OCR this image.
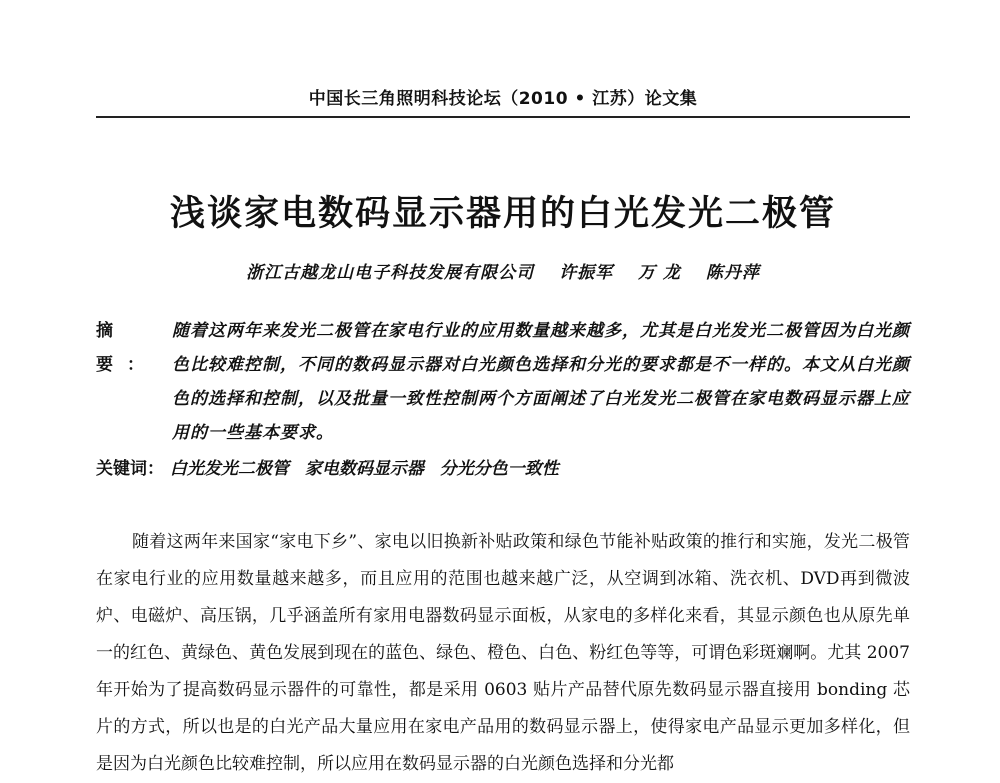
中国长三角照明科技论坛（2010 • 江苏）论文集
浅谈家电数码显示器用的白光发光二极管
浙江古越龙山电子科技发展有限公司 许振军 万 龙 陈丹萍
摘 要：
随着这两年来发光二极管在家电行业的应用数量越来越多，尤其是白光发光二极管因为白光颜色比较难控制，不同的数码显示器对白光颜色选择和分光的要求都是不一样的。本文从白光颜色的选择和控制，以及批量一致性控制两个方面阐述了白光发光二极管在家电数码显示器上应用的一些基本要求。
关键词： 白光发光二极管 家电数码显示器 分光分色一致性
随着这两年来国家“家电下乡”、家电以旧换新补贴政策和绿色节能补贴政策的推行和实施，发光二极管在家电行业的应用数量越来越多，而且应用的范围也越来越广泛，从空调到冰箱、洗衣机、DVD再到微波炉、电磁炉、高压锅，几乎涵盖所有家用电器数码显示面板，从家电的多样化来看，其显示颜色也从原先单一的红色、黄绿色、黄色发展到现在的蓝色、绿色、橙色、白色、粉红色等等，可谓色彩斑斓啊。尤其 2007 年开始为了提高数码显示器件的可靠性，都是采用 0603 贴片产品替代原先数码显示器直接用 bonding 芯片的方式，所以也是的白光产品大量应用在家电产品用的数码显示器上，使得家电产品显示更加多样化，但是因为白光颜色比较难控制，所以应用在数码显示器的白光颜色选择和分光都
